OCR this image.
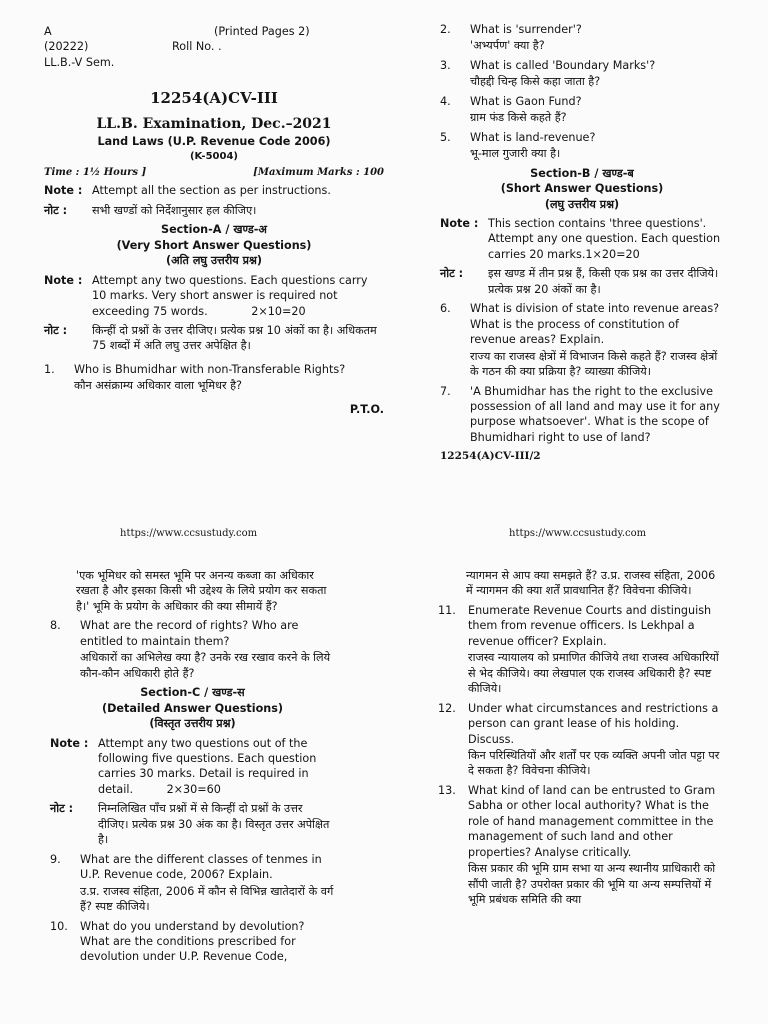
A	(Printed Pages 2)
(20222)	Roll No. .
LL.B.-V Sem.
12254(A)CV-III
LL.B. Examination, Dec.–2021
Land Laws (U.P. Revenue Code 2006)
(K-5004)
Time : 1½ Hours ]	[Maximum Marks : 100
Note : Attempt all the section as per instructions.
नोट :	सभी खण्डों को निर्देशानुसार हल कीजिए।
Section-A / खण्ड-अ
(Very Short Answer Questions)
(अति लघु उत्तरीय प्रश्न)
Note : Attempt any two questions. Each questions carry 10 marks. Very short answer is required not exceeding 75 words.	2×10=20
नोट :	किन्हीं दो प्रश्नों के उत्तर दीजिए। प्रत्येक प्रश्न 10 अंकों का है। अधिकतम 75 शब्दों में अति लघु उत्तर अपेक्षित है।
1.	Who is Bhumidhar with non-Transferable Rights?
कौन असंक्राम्य अधिकार वाला भूमिधर है?
P.T.O.
https://www.ccsustudy.com
2.	What is 'surrender'?
'अभ्यर्पण' क्या है?
3.	What is called 'Boundary Marks'?
चौहद्दी चिन्ह किसे कहा जाता है?
4.	What is Gaon Fund?
ग्राम फंड किसे कहते हैं?
5.	What is land-revenue?
भू-माल गुजारी क्या है।
Section-B / खण्ड-ब
(Short Answer Questions)
(लघु उत्तरीय प्रश्न)
Note : This section contains 'three questions'. Attempt any one question. Each question carries 20 marks.1×20=20
नोट :	इस खण्ड में तीन प्रश्न हैं, किसी एक प्रश्न का उत्तर दीजिये। प्रत्येक प्रश्न 20 अंकों का है।
6.	What is division of state into revenue areas? What is the process of constitution of revenue areas? Explain.
राज्य का राजस्व क्षेत्रों में विभाजन किसे कहते हैं? राजस्व क्षेत्रों के गठन की क्या प्रक्रिया है? व्याख्या कीजिये।
7.	'A Bhumidhar has the right to the exclusive possession of all land and may use it for any purpose whatsoever'. What is the scope of Bhumidhari right to use of land?
12254(A)CV-III/2
https://www.ccsustudy.com
'एक भूमिधर को समस्त भूमि पर अनन्य कब्जा का अधिकार रखता है और इसका किसी भी उद्देश्य के लिये प्रयोग कर सकता है।' भूमि के प्रयोग के अधिकार की क्या सीमायें हैं?
8.	What are the record of rights? Who are entitled to maintain them?
अधिकारों का अभिलेख क्या है? उनके रख रखाव करने के लिये कौन-कौन अधिकारी होते हैं?
Section-C / खण्ड-स
(Detailed Answer Questions)
(विस्तृत उत्तरीय प्रश्न)
Note : Attempt any two questions out of the following five questions. Each question carries 30 marks. Detail is required in detail.	2×30=60
नोट :	निम्नलिखित पाँच प्रश्नों में से किन्हीं दो प्रश्नों के उत्तर दीजिए। प्रत्येक प्रश्न 30 अंक का है। विस्तृत उत्तर अपेक्षित है।
9.	What are the different classes of tenmes in U.P. Revenue code, 2006? Explain.
उ.प्र. राजस्व संहिता, 2006 में कौन से विभिन्न खातेदारों के वर्ग हैं? स्पष्ट कीजिये।
10.	What do you understand by devolution? What are the conditions prescribed for devolution under U.P. Revenue Code,
न्यागमन से आप क्या समझते हैं? उ.प्र. राजस्व संहिता, 2006 में न्यागमन की क्या शर्तें प्रावधानित हैं? विवेचना कीजिये।
11.	Enumerate Revenue Courts and distinguish them from revenue officers. Is Lekhpal a revenue officer? Explain.
राजस्व न्यायालय को प्रमाणित कीजिये तथा राजस्व अधिकारियों से भेद कीजिये। क्या लेखपाल एक राजस्व अधिकारी है? स्पष्ट कीजिये।
12.	Under what circumstances and restrictions a person can grant lease of his holding. Discuss.
किन परिस्थितियों और शर्तों पर एक व्यक्ति अपनी जोत पट्टा पर दे सकता है? विवेचना कीजिये।
13.	What kind of land can be entrusted to Gram Sabha or other local authority? What is the role of hand management committee in the management of such land and other properties? Analyse critically.
किस प्रकार की भूमि ग्राम सभा या अन्य स्थानीय प्राधिकारी को सौंपी जाती है? उपरोक्त प्रकार की भूमि या अन्य सम्पत्तियों में भूमि प्रबंधक समिति की क्या
